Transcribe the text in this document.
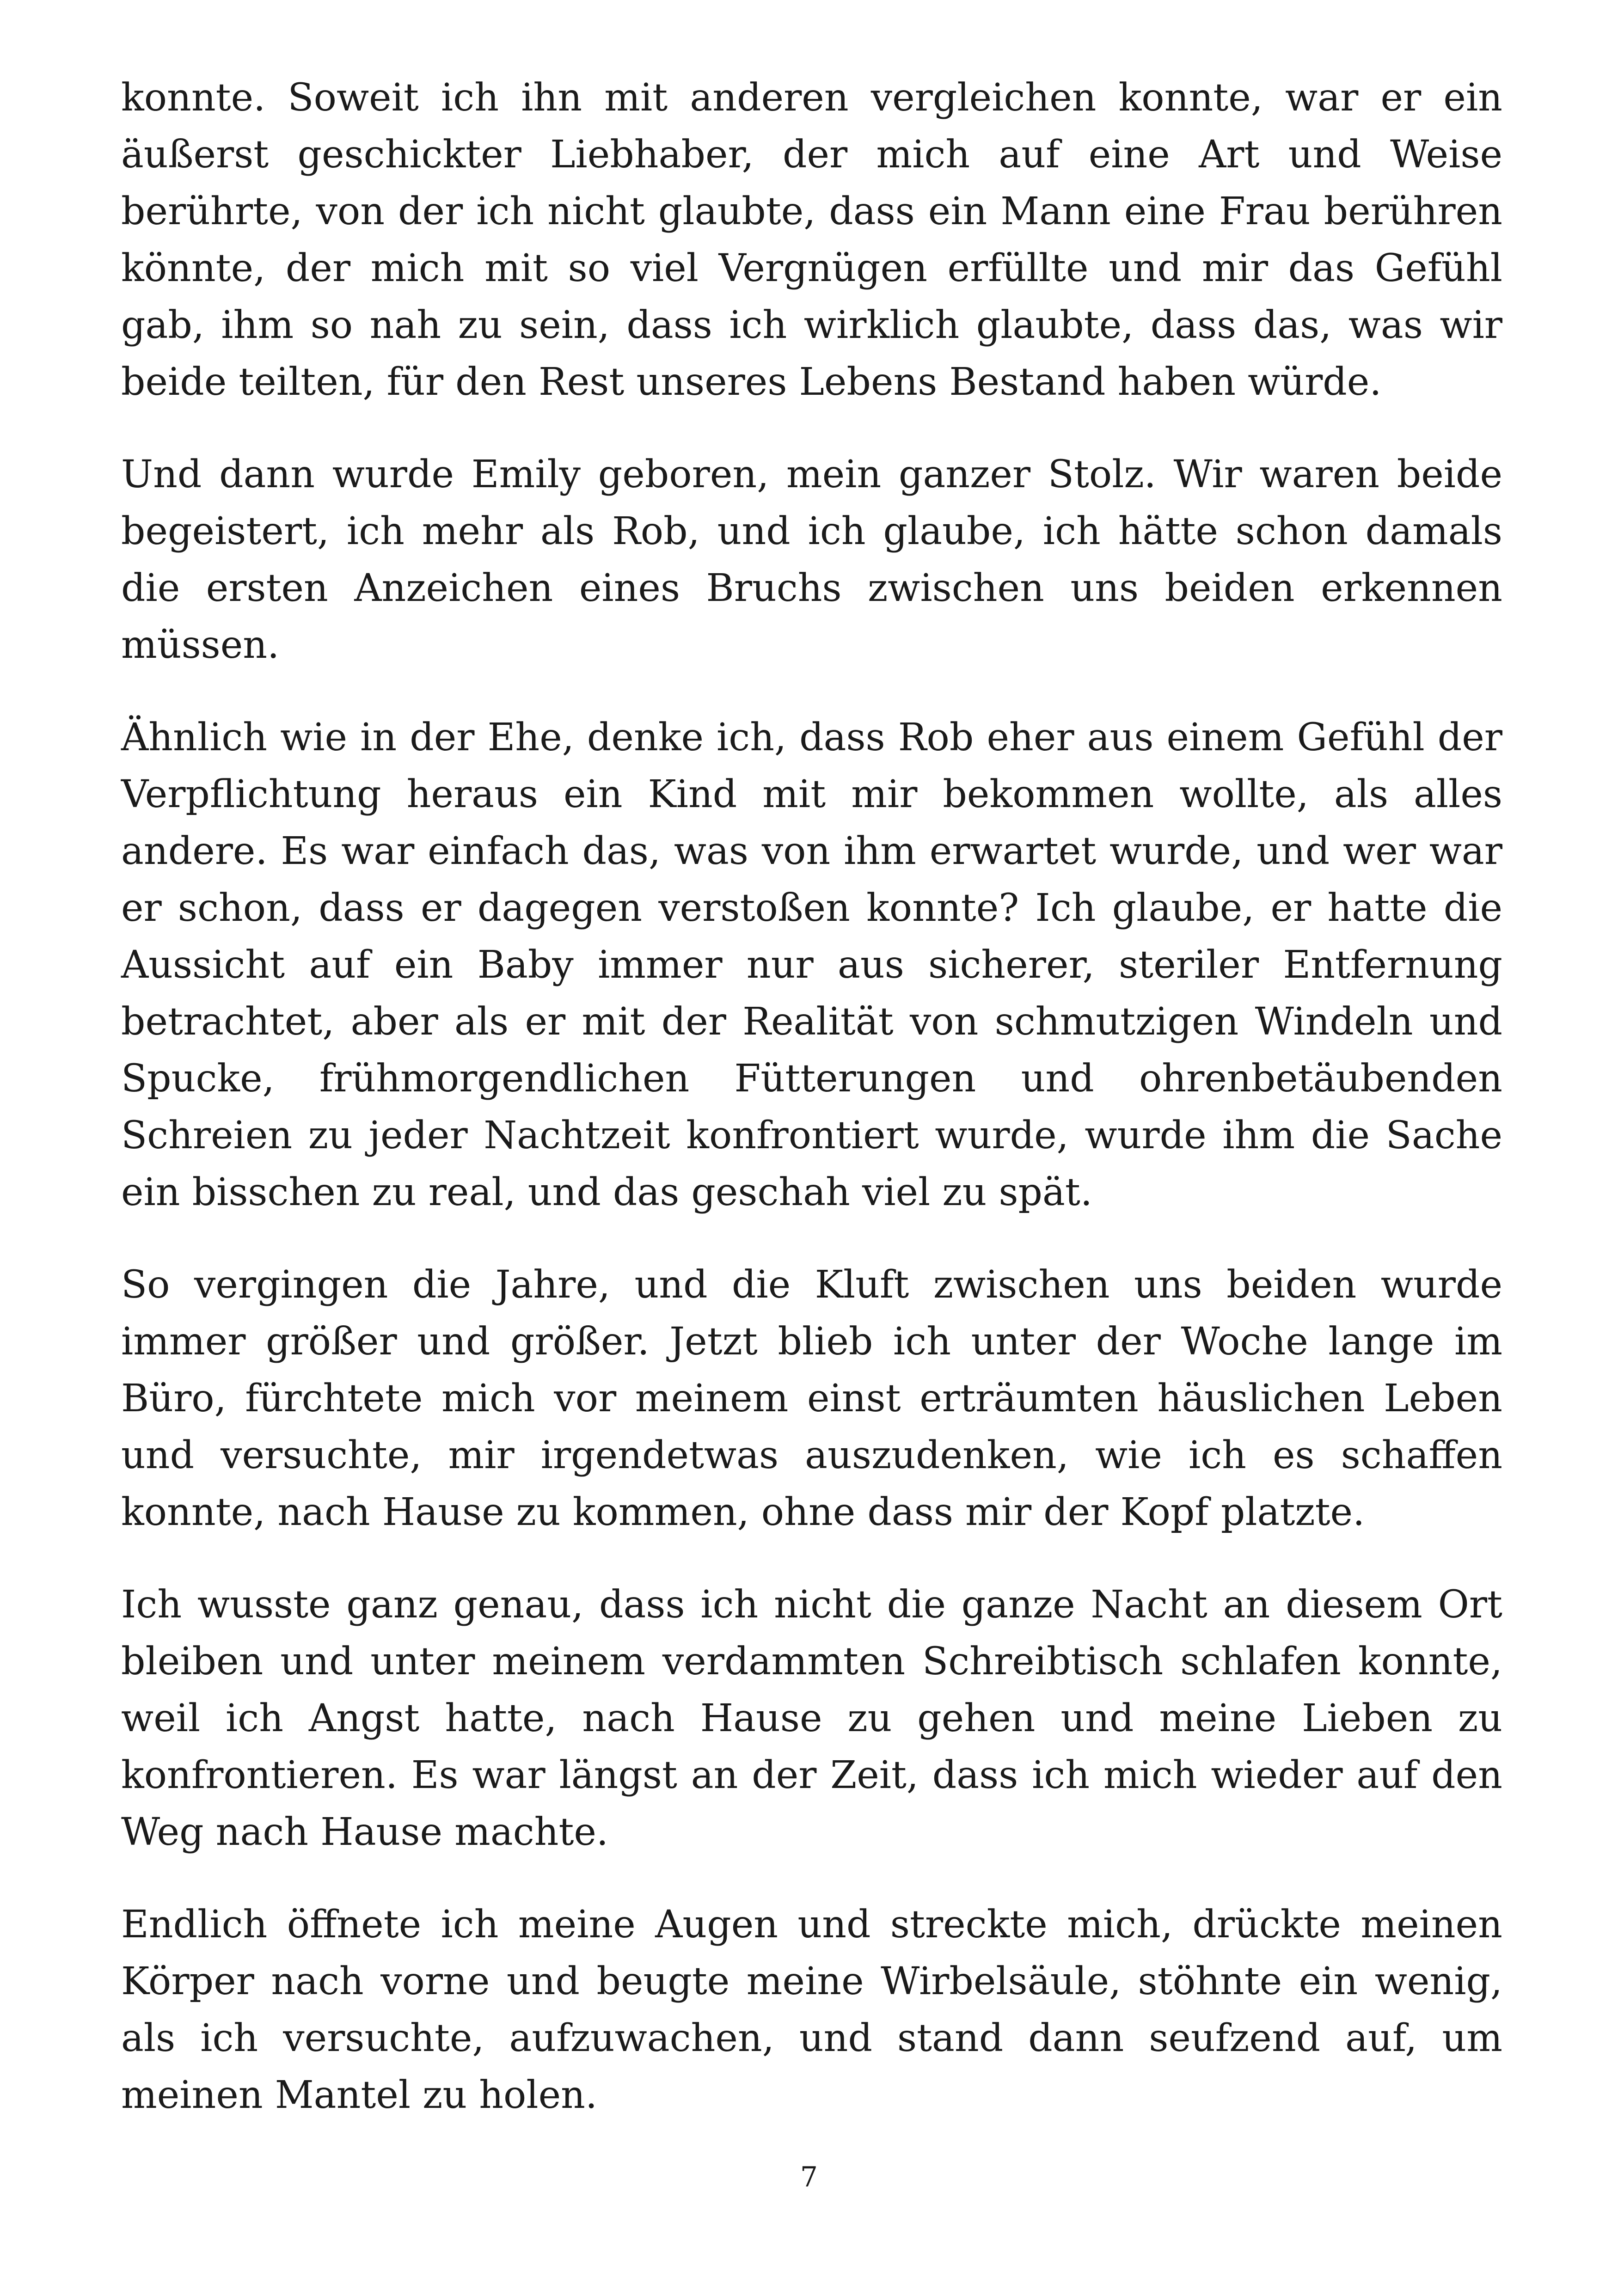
konnte. Soweit ich ihn mit anderen vergleichen konnte, war er ein äußerst geschickter Liebhaber, der mich auf eine Art und Weise berührte, von der ich nicht glaubte, dass ein Mann eine Frau berühren könnte, der mich mit so viel Vergnügen erfüllte und mir das Gefühl gab, ihm so nah zu sein, dass ich wirklich glaubte, dass das, was wir beide teilten, für den Rest unseres Lebens Bestand haben würde.

Und dann wurde Emily geboren, mein ganzer Stolz. Wir waren beide begeistert, ich mehr als Rob, und ich glaube, ich hätte schon damals die ersten Anzeichen eines Bruchs zwischen uns beiden erkennen müssen.

Ähnlich wie in der Ehe, denke ich, dass Rob eher aus einem Gefühl der Verpflichtung heraus ein Kind mit mir bekommen wollte, als alles andere. Es war einfach das, was von ihm erwartet wurde, und wer war er schon, dass er dagegen verstoßen konnte? Ich glaube, er hatte die Aussicht auf ein Baby immer nur aus sicherer, steriler Entfernung betrachtet, aber als er mit der Realität von schmutzigen Windeln und Spucke, frühmorgendlichen Fütterungen und ohrenbetäubenden Schreien zu jeder Nachtzeit konfrontiert wurde, wurde ihm die Sache ein bisschen zu real, und das geschah viel zu spät.

So vergingen die Jahre, und die Kluft zwischen uns beiden wurde immer größer und größer. Jetzt blieb ich unter der Woche lange im Büro, fürchtete mich vor meinem einst erträumten häuslichen Leben und versuchte, mir irgendetwas auszudenken, wie ich es schaffen konnte, nach Hause zu kommen, ohne dass mir der Kopf platzte.

Ich wusste ganz genau, dass ich nicht die ganze Nacht an diesem Ort bleiben und unter meinem verdammten Schreibtisch schlafen konnte, weil ich Angst hatte, nach Hause zu gehen und meine Lieben zu konfrontieren. Es war längst an der Zeit, dass ich mich wieder auf den Weg nach Hause machte.

Endlich öffnete ich meine Augen und streckte mich, drückte meinen Körper nach vorne und beugte meine Wirbelsäule, stöhnte ein wenig, als ich versuchte, aufzuwachen, und stand dann seufzend auf, um meinen Mantel zu holen.

7
